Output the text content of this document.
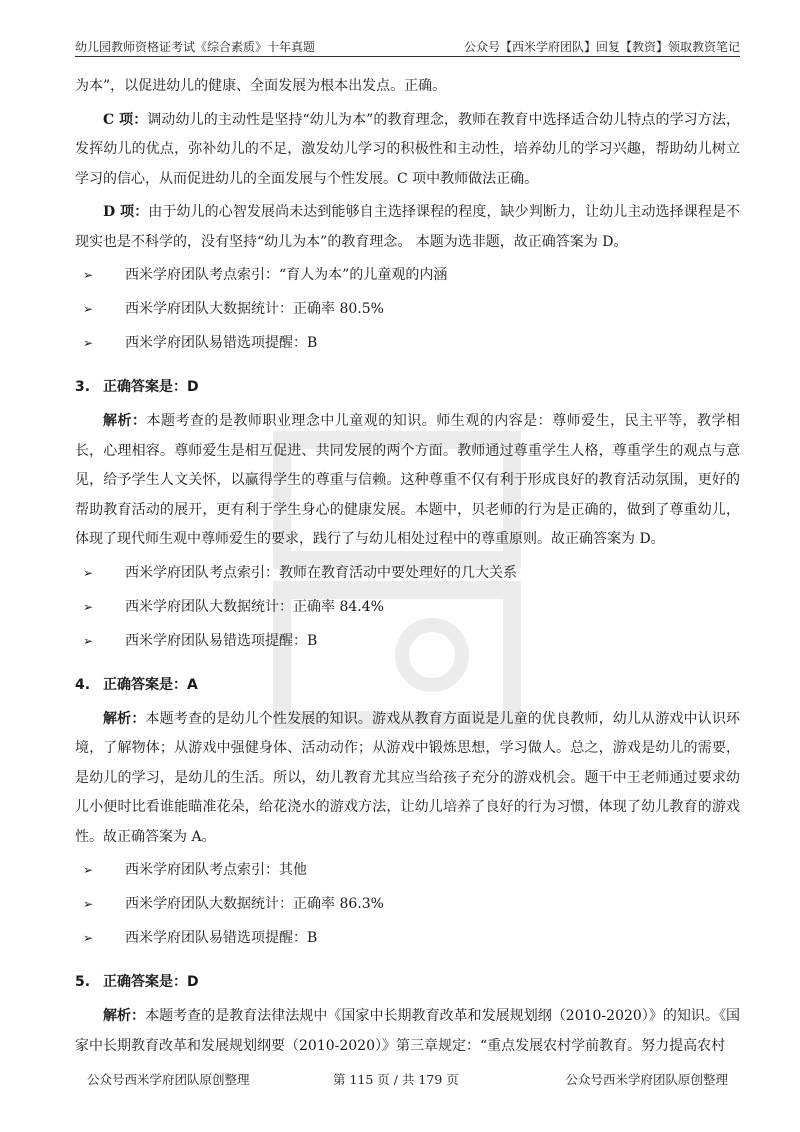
幼儿园教师资格证考试《综合素质》十年真题	公众号【西米学府团队】回复【教资】领取教资笔记

为本”，以促进幼儿的健康、全面发展为根本出发点。正确。

C 项：调动幼儿的主动性是坚持“幼儿为本”的教育理念，教师在教育中选择适合幼儿特点的学习方法，发挥幼儿的优点，弥补幼儿的不足，激发幼儿学习的积极性和主动性，培养幼儿的学习兴趣，帮助幼儿树立学习的信心，从而促进幼儿的全面发展与个性发展。C 项中教师做法正确。

D 项：由于幼儿的心智发展尚未达到能够自主选择课程的程度，缺少判断力，让幼儿主动选择课程是不现实也是不科学的，没有坚持“幼儿为本”的教育理念。 本题为选非题，故正确答案为 D。

➢ 西米学府团队考点索引：“育人为本”的儿童观的内涵
➢ 西米学府团队大数据统计：正确率 80.5%
➢ 西米学府团队易错选项提醒：B
3. 正确答案是：D

解析：本题考查的是教师职业理念中儿童观的知识。师生观的内容是：尊师爱生，民主平等，教学相长，心理相容。尊师爱生是相互促进、共同发展的两个方面。教师通过尊重学生人格，尊重学生的观点与意见，给予学生人文关怀，以赢得学生的尊重与信赖。这种尊重不仅有利于形成良好的教育活动氛围，更好的帮助教育活动的展开，更有利于学生身心的健康发展。本题中，贝老师的行为是正确的，做到了尊重幼儿，体现了现代师生观中尊师爱生的要求，践行了与幼儿相处过程中的尊重原则。故正确答案为 D。

➢ 西米学府团队考点索引：教师在教育活动中要处理好的几大关系
➢ 西米学府团队大数据统计：正确率 84.4%
➢ 西米学府团队易错选项提醒：B
4. 正确答案是：A

解析：本题考查的是幼儿个性发展的知识。游戏从教育方面说是儿童的优良教师，幼儿从游戏中认识环境，了解物体；从游戏中强健身体、活动动作；从游戏中锻炼思想，学习做人。总之，游戏是幼儿的需要，是幼儿的学习，是幼儿的生活。所以，幼儿教育尤其应当给孩子充分的游戏机会。题干中王老师通过要求幼儿小便时比看谁能瞄准花朵，给花浇水的游戏方法，让幼儿培养了良好的行为习惯，体现了幼儿教育的游戏性。故正确答案为 A。

➢ 西米学府团队考点索引：其他
➢ 西米学府团队大数据统计：正确率 86.3%
➢ 西米学府团队易错选项提醒：B
5. 正确答案是：D

解析：本题考查的是教育法律法规中《国家中长期教育改革和发展规划纲（2010-2020）》的知识。《国家中长期教育改革和发展规划纲要（2010-2020）》第三章规定：“重点发展农村学前教育。努力提高农村

公众号西米学府团队原创整理	第 115 页 / 共 179 页	公众号西米学府团队原创整理
